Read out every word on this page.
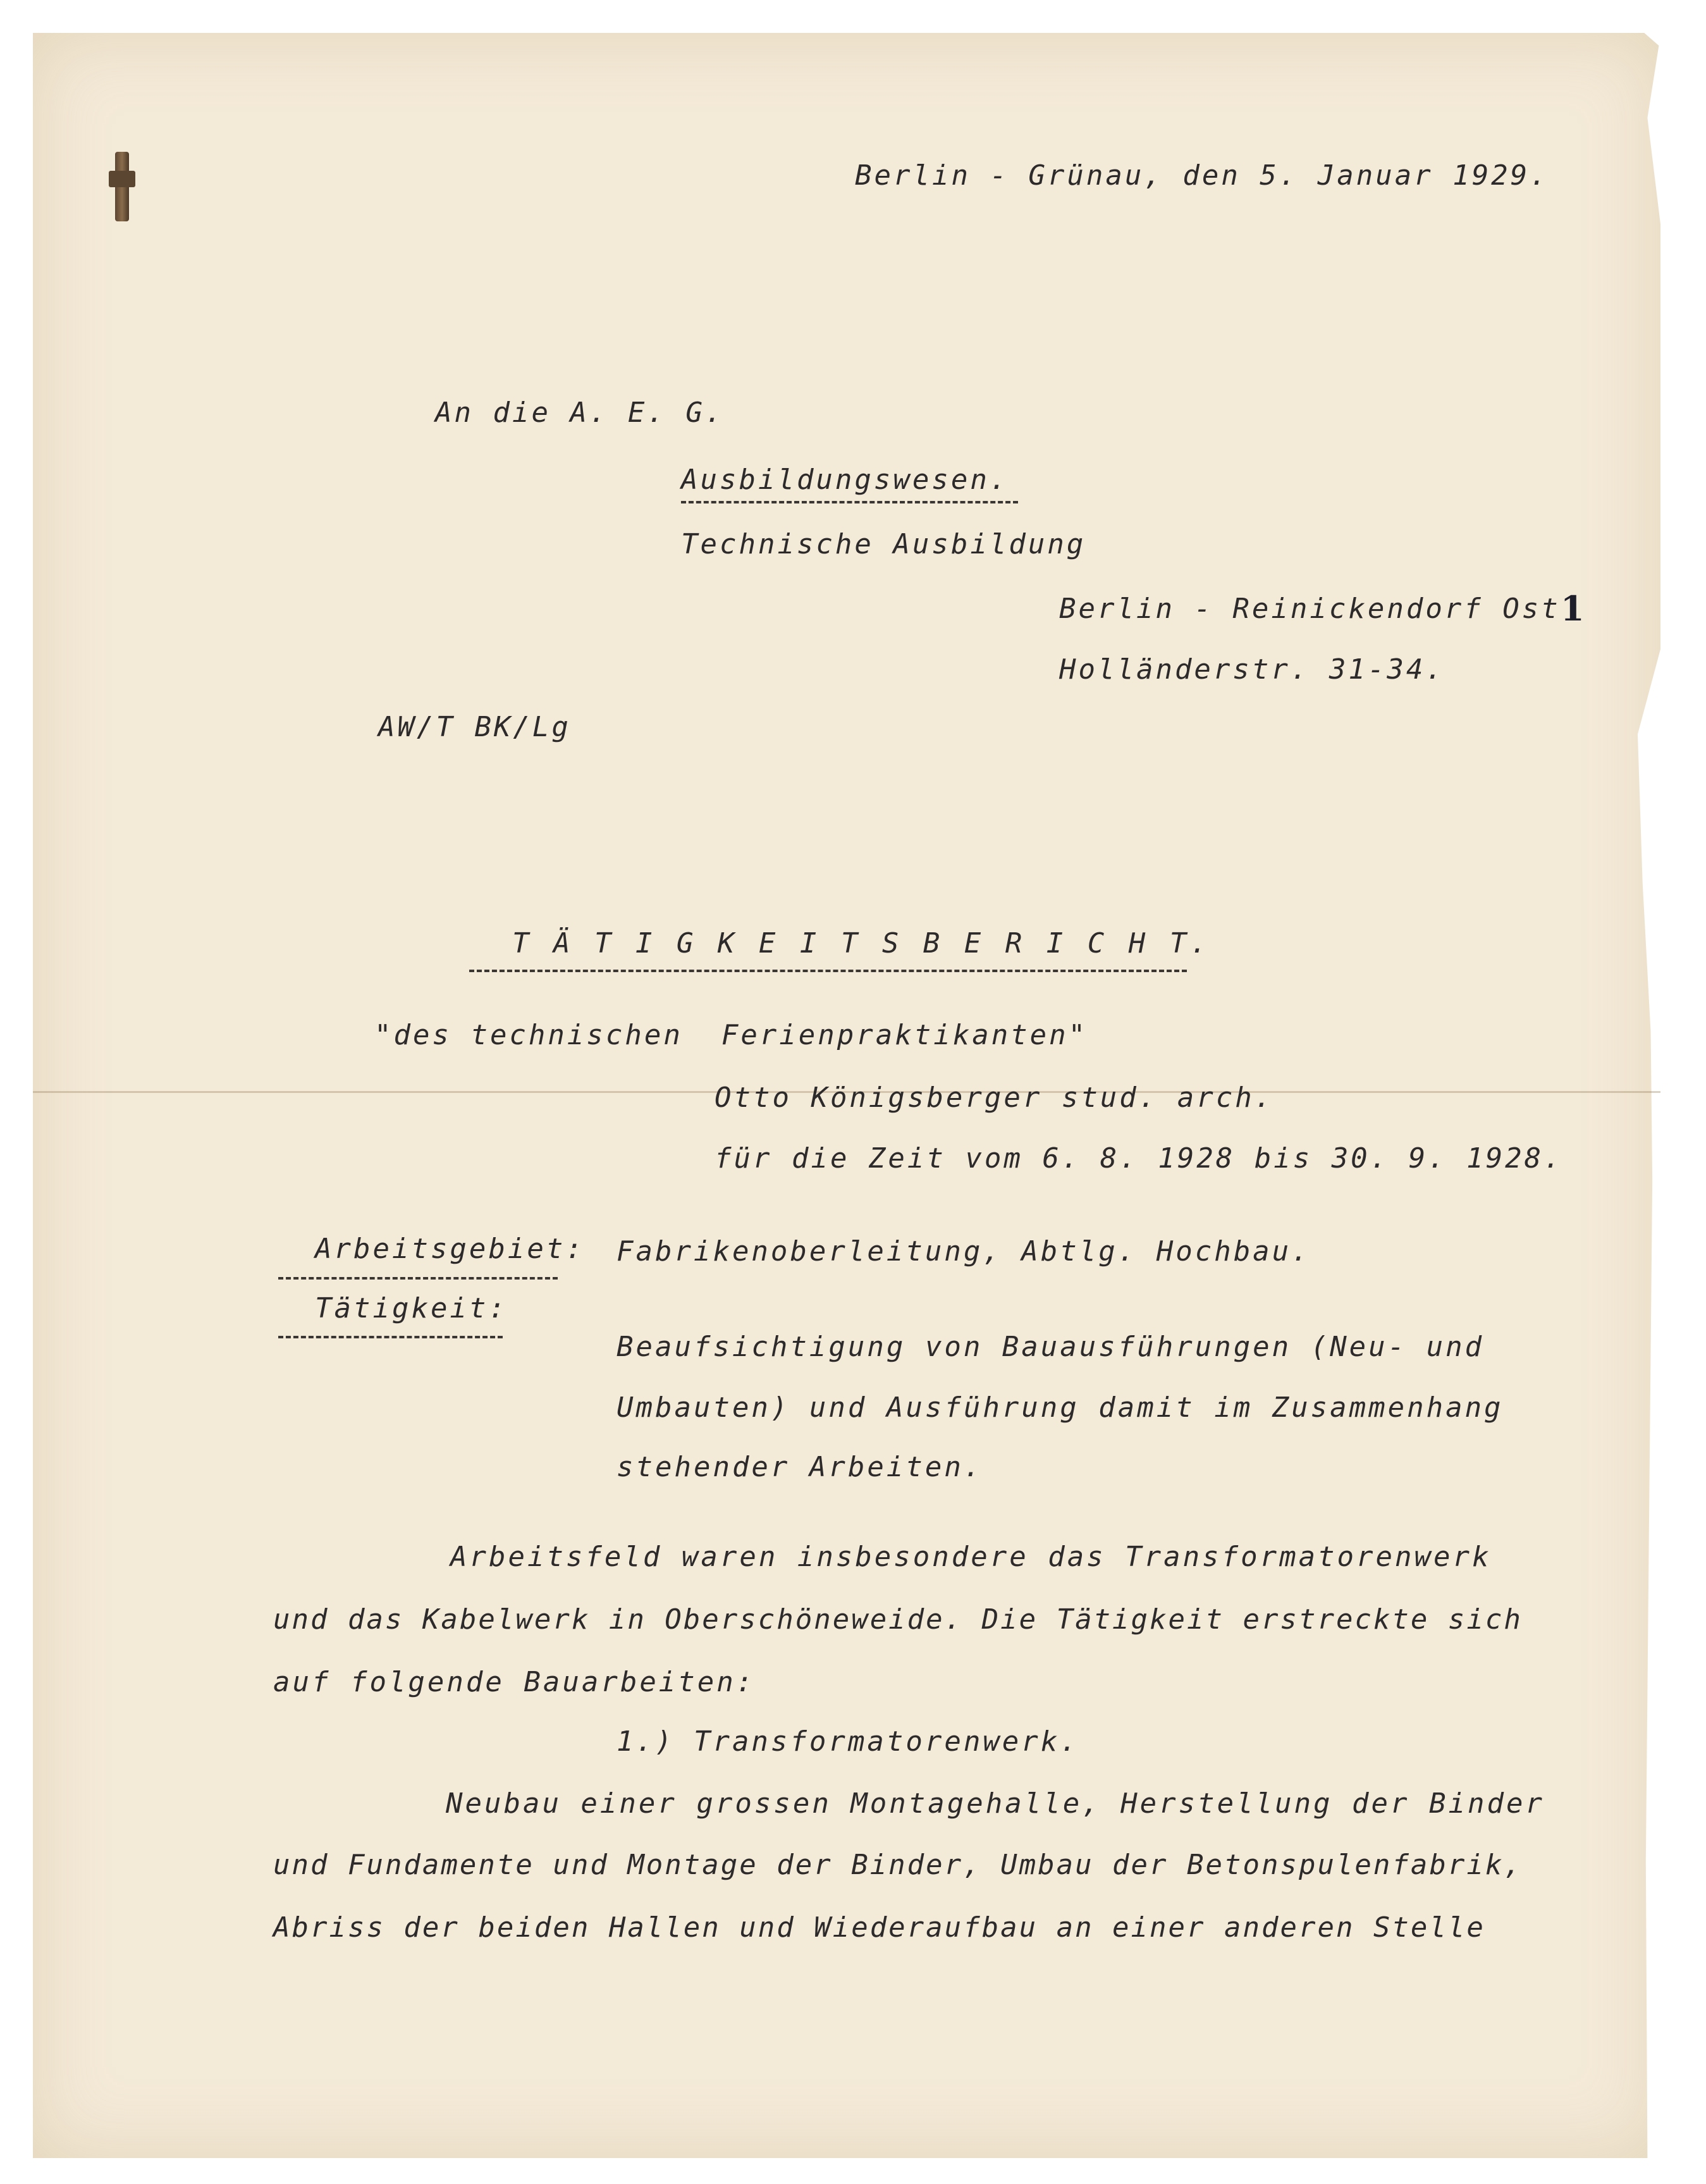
Berlin - Grünau, den 5. Januar 1929.
An die A. E. G.
Ausbildungswesen.
Technische Ausbildung
Berlin - Reinickendorf Ost 1
Holländerstr. 31-34.
AW/T BK/Lg
T Ä T I G K E I T S B E R I C H T.
"des technischen  Ferienpraktikanten"
Otto Königsberger stud. arch.
für die Zeit vom 6. 8. 1928 bis 30. 9. 1928.
Arbeitsgebiet: Fabrikenoberleitung, Abtlg. Hochbau.
Tätigkeit:
Beaufsichtigung von Bauausführungen (Neu- und
Umbauten) und Ausführung damit im Zusammenhang
stehender Arbeiten.
Arbeitsfeld waren insbesondere das Transformatorenwerk
und das Kabelwerk in Oberschöneweide. Die Tätigkeit erstreckte sich
auf folgende Bauarbeiten:
1.) Transformatorenwerk.
Neubau einer grossen Montagehalle, Herstellung der Binder
und Fundamente und Montage der Binder, Umbau der Betonspulenfabrik,
Abriss der beiden Hallen und Wiederaufbau an einer anderen Stelle
